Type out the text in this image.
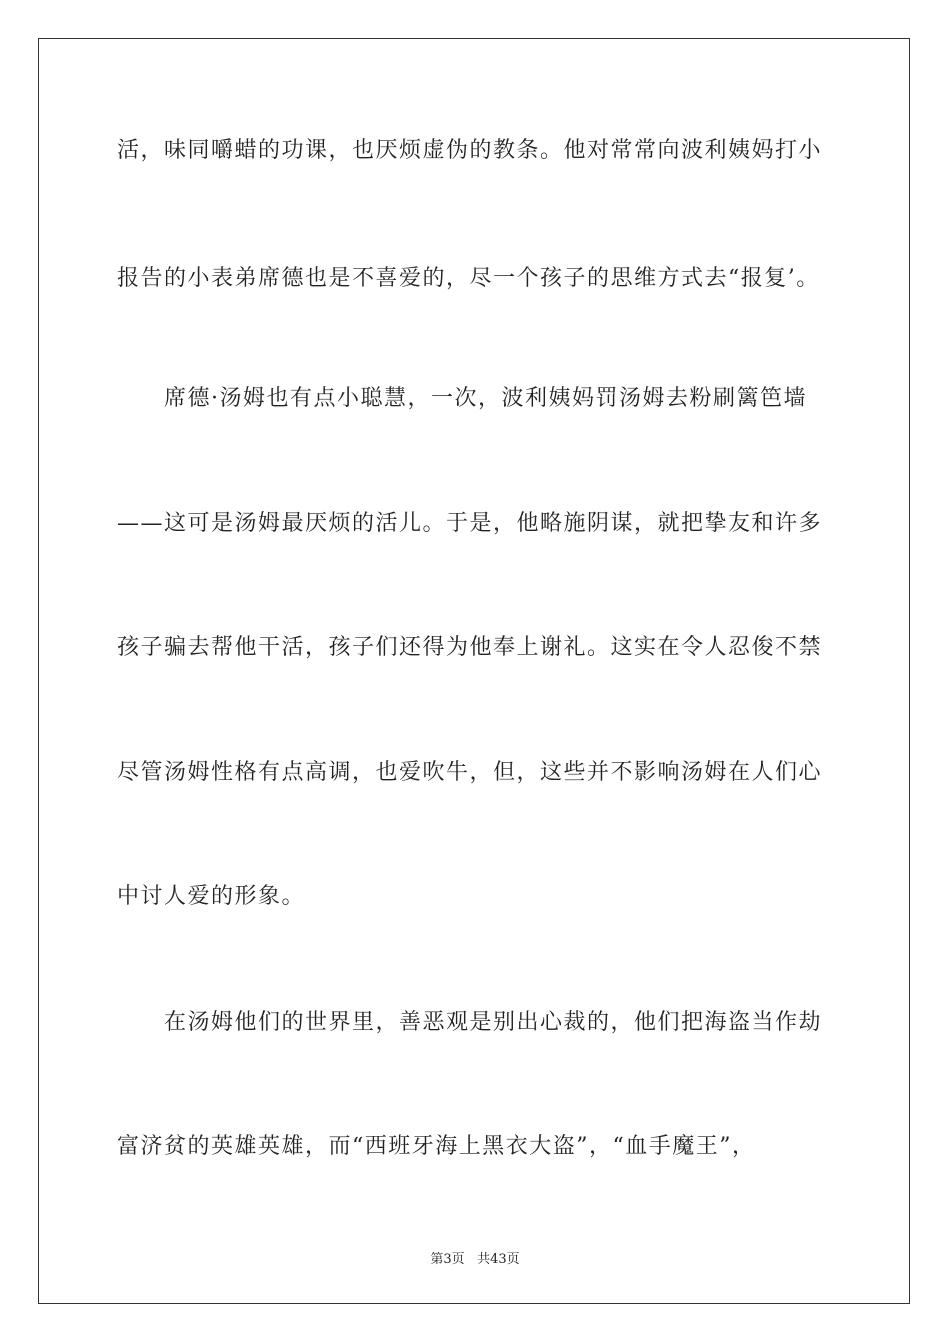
活，味同嚼蜡的功课，也厌烦虚伪的教条。他对常常向波利姨妈打小
报告的小表弟席德也是不喜爱的，尽一个孩子的思维方式去“报复’。
席德·汤姆也有点小聪慧，一次，波利姨妈罚汤姆去粉刷篱笆墙
——这可是汤姆最厌烦的活儿。于是，他略施阴谋，就把挚友和许多
孩子骗去帮他干活，孩子们还得为他奉上谢礼。这实在令人忍俊不禁
尽管汤姆性格有点高调，也爱吹牛，但，这些并不影响汤姆在人们心
中讨人爱的形象。
在汤姆他们的世界里，善恶观是别出心裁的，他们把海盗当作劫
富济贫的英雄英雄，而“西班牙海上黑衣大盗”，“血手魔王”，
第3页 共43页
